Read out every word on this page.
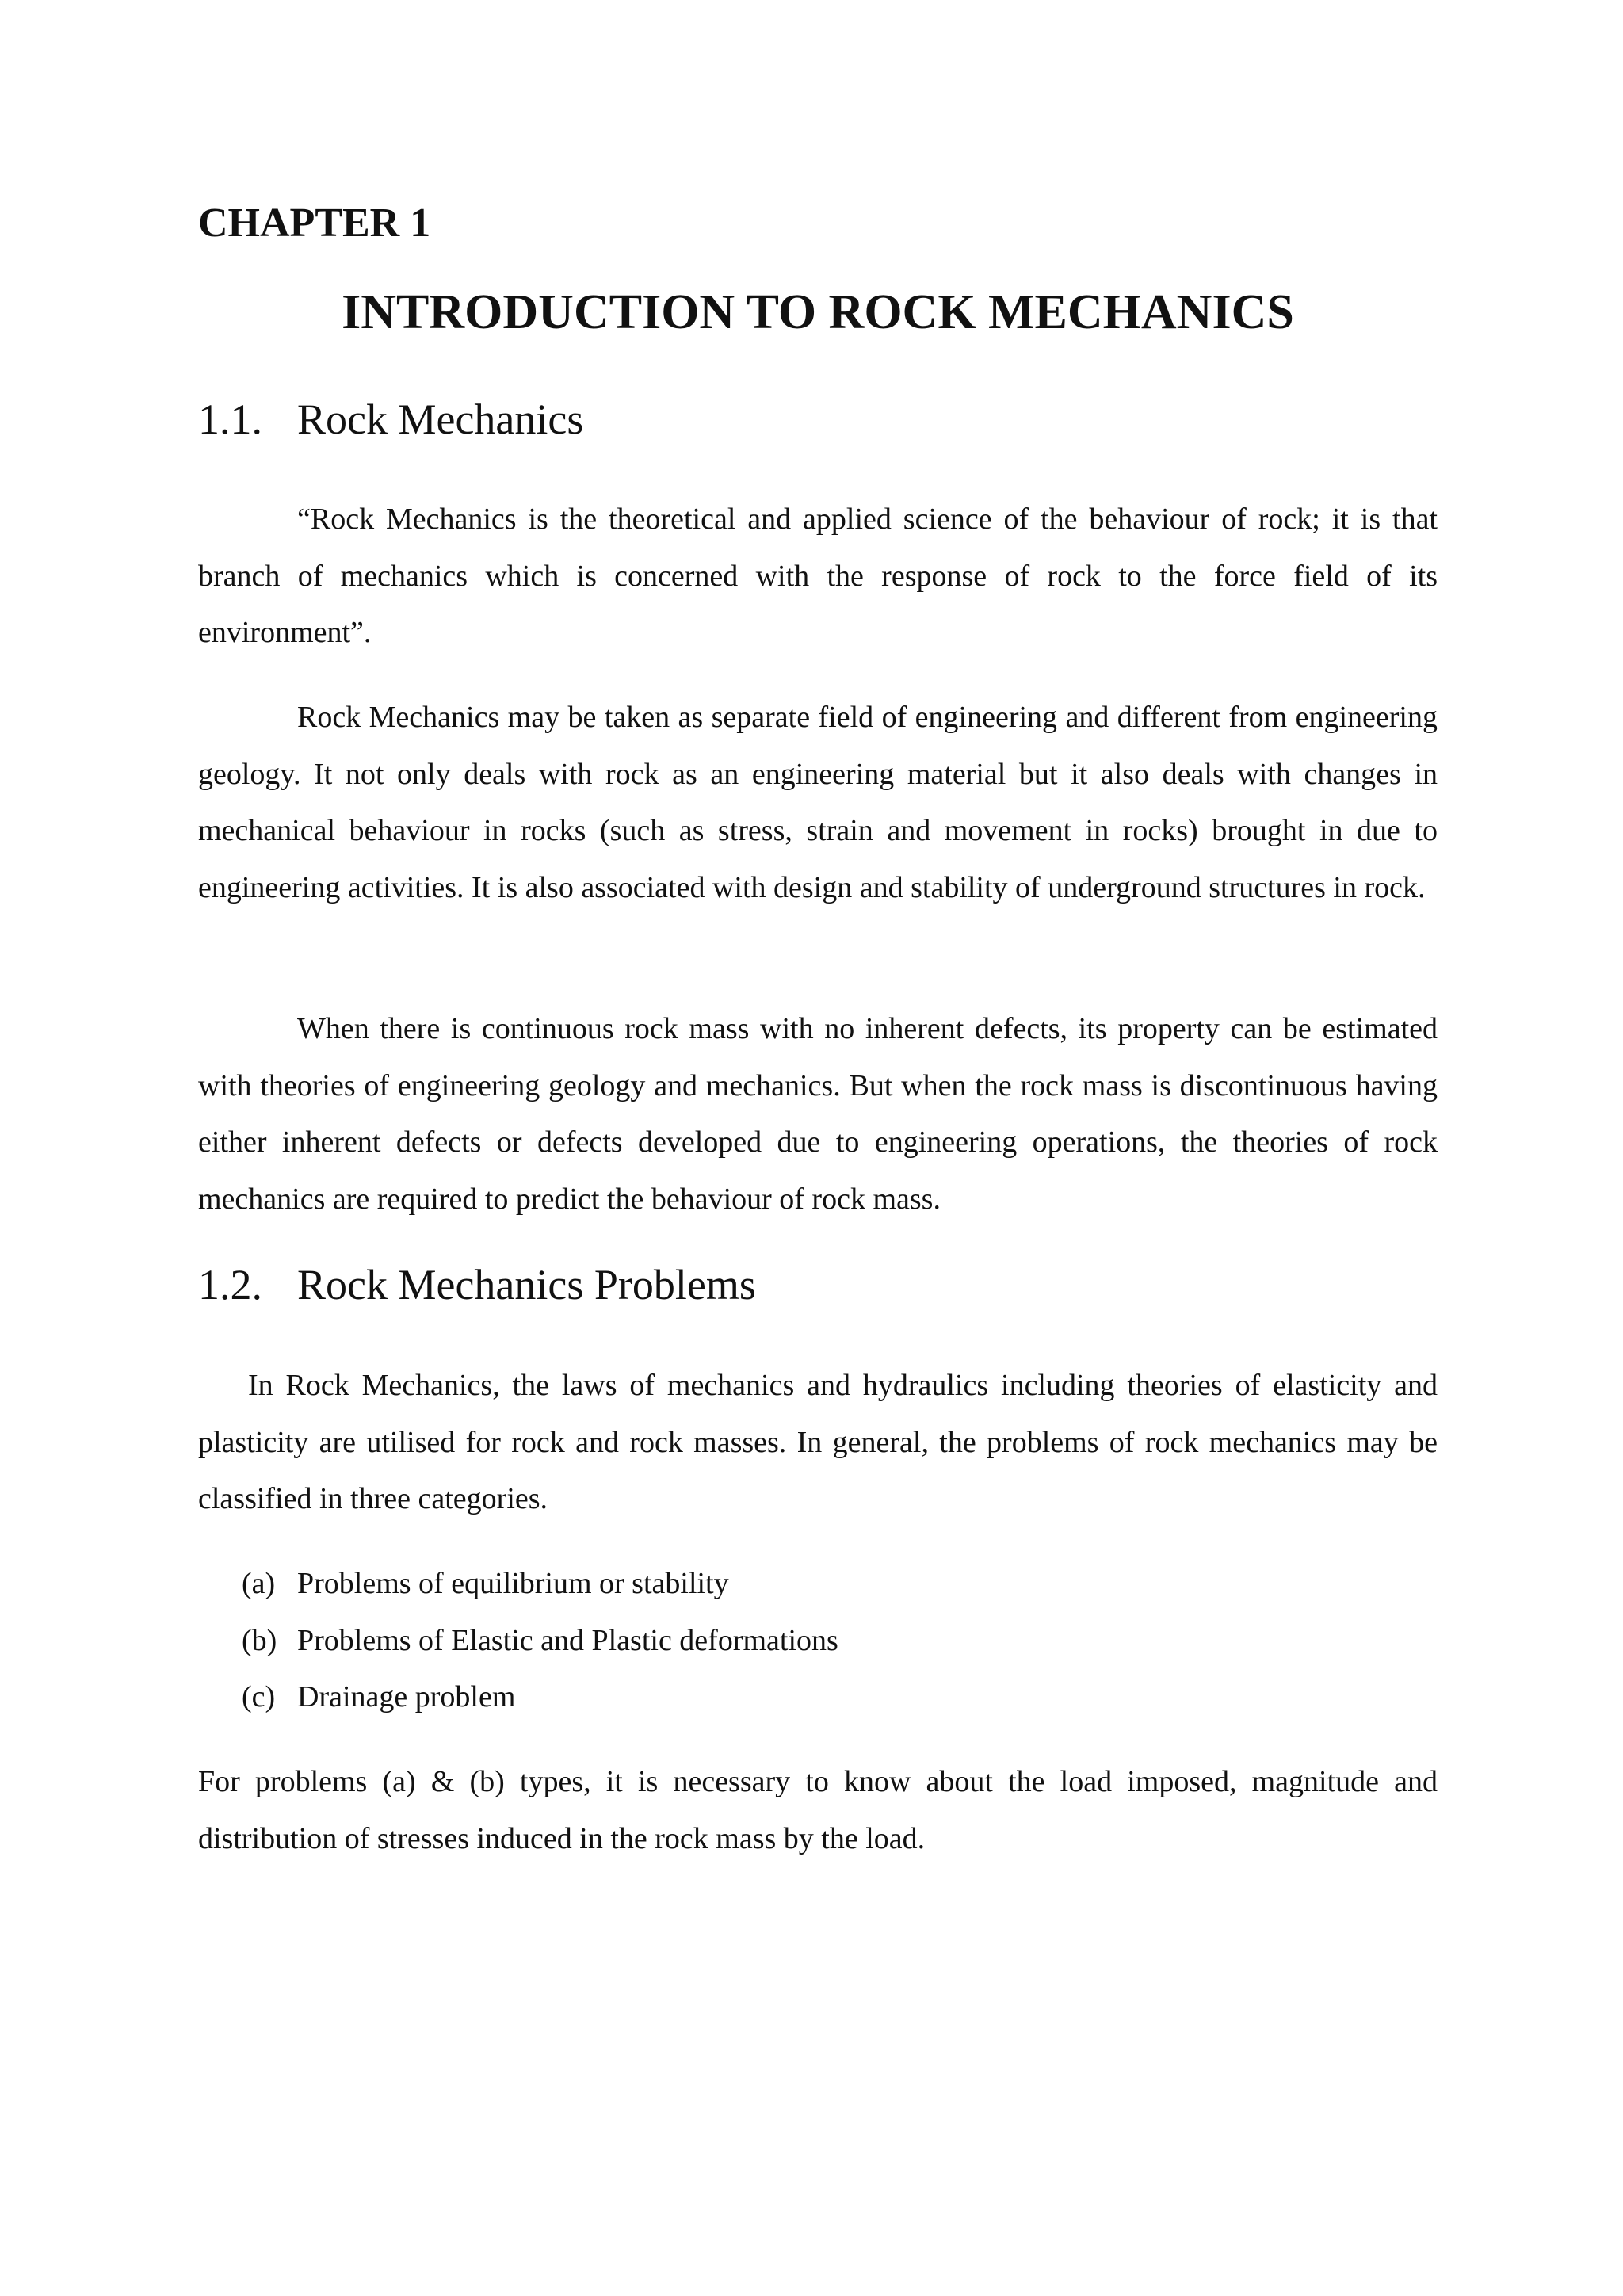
CHAPTER 1
INTRODUCTION TO ROCK MECHANICS
1.1. Rock Mechanics

“Rock Mechanics is the theoretical and applied science of the behaviour of rock; it is that branch of mechanics which is concerned with the response of rock to the force field of its environment”.

Rock Mechanics may be taken as separate field of engineering and different from engineering geology. It not only deals with rock as an engineering material but it also deals with changes in mechanical behaviour in rocks (such as stress, strain and movement in rocks) brought in due to engineering activities. It is also associated with design and stability of underground structures in rock.

When there is continuous rock mass with no inherent defects, its property can be estimated with theories of engineering geology and mechanics. But when the rock mass is discontinuous having either inherent defects or defects developed due to engineering operations, the theories of rock mechanics are required to predict the behaviour of rock mass.

1.2. Rock Mechanics Problems

In Rock Mechanics, the laws of mechanics and hydraulics including theories of elasticity and plasticity are utilised for rock and rock masses. In general, the problems of rock mechanics may be classified in three categories.

(a) Problems of equilibrium or stability
(b) Problems of Elastic and Plastic deformations
(c) Drainage problem

For problems (a) & (b) types, it is necessary to know about the load imposed, magnitude and distribution of stresses induced in the rock mass by the load.
